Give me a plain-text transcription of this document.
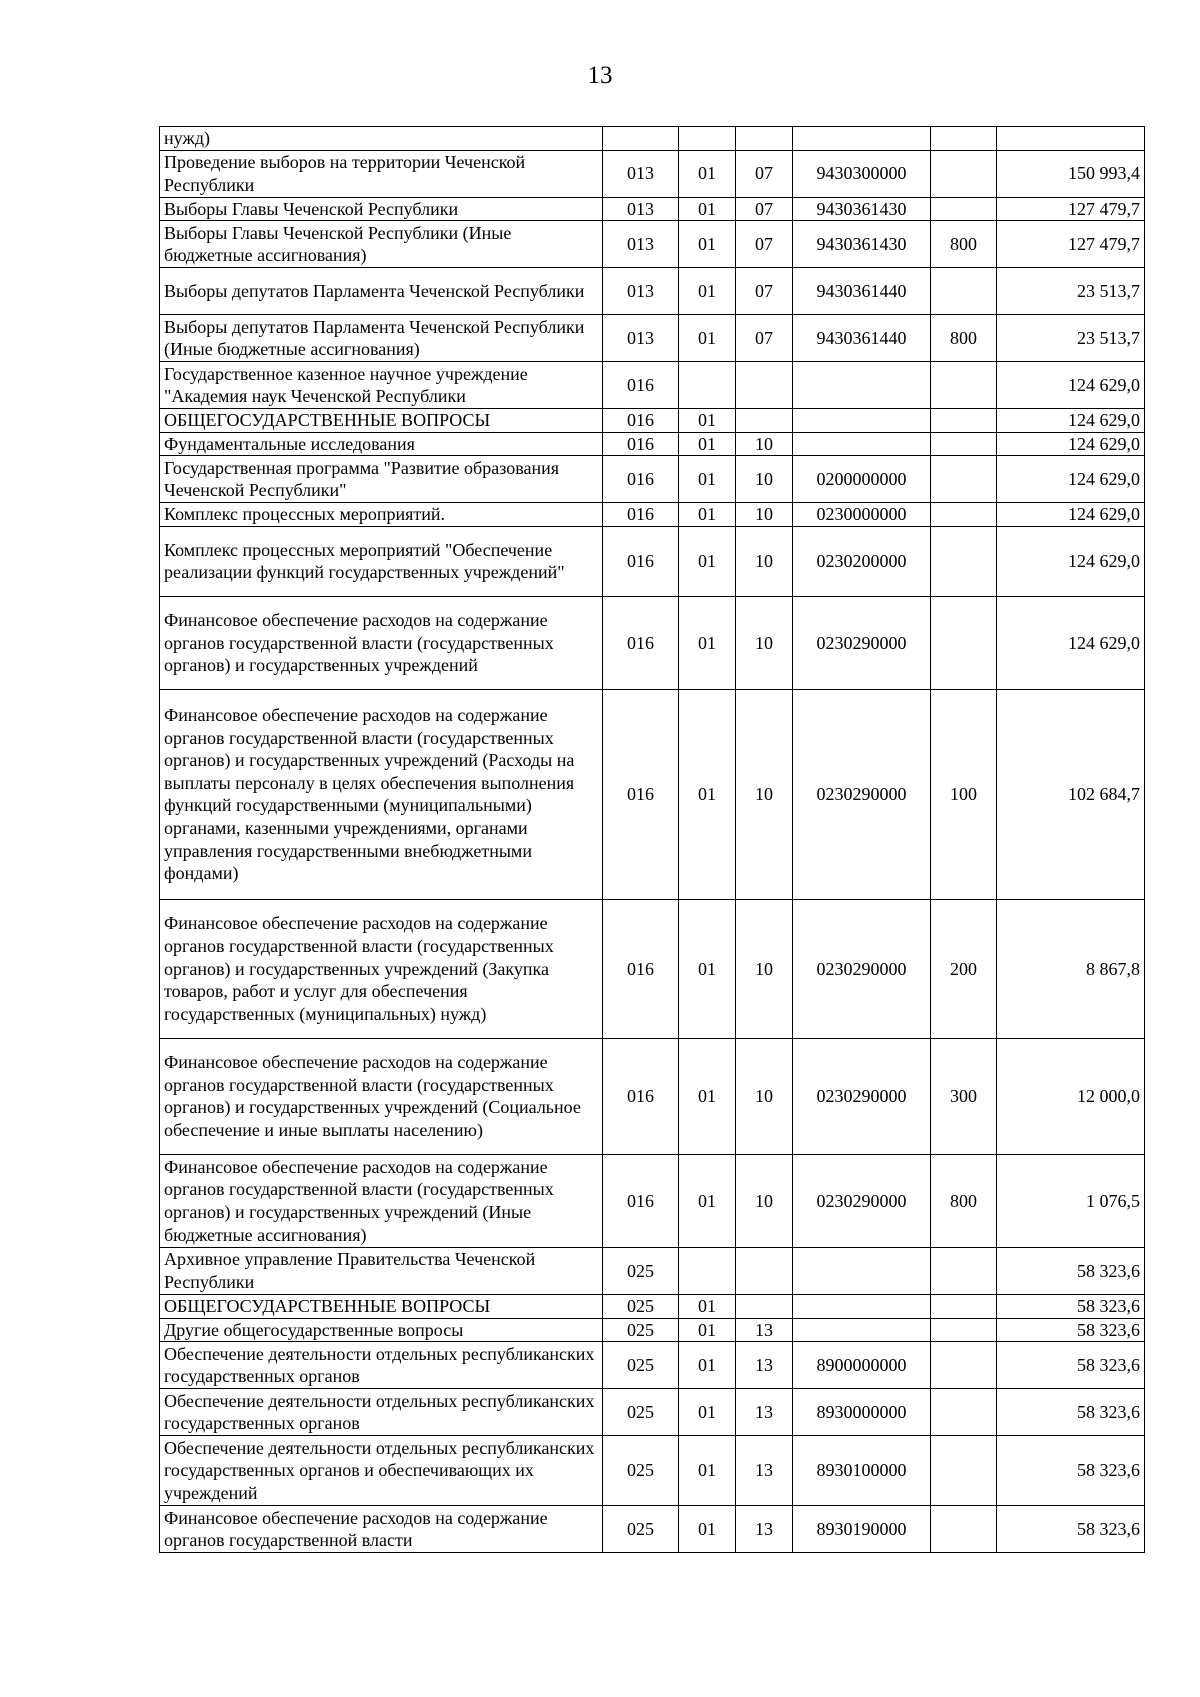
13
нужд)						
Проведение выборов на территории Чеченской Республики	013	01	07	9430300000		150 993,4
Выборы Главы Чеченской Республики	013	01	07	9430361430		127 479,7
Выборы Главы Чеченской Республики (Иные бюджетные ассигнования)	013	01	07	9430361430	800	127 479,7
Выборы депутатов Парламента Чеченской Республики	013	01	07	9430361440		23 513,7
Выборы депутатов Парламента Чеченской Республики (Иные бюджетные ассигнования)	013	01	07	9430361440	800	23 513,7
Государственное казенное научное учреждение "Академия наук Чеченской Республики	016					124 629,0
ОБЩЕГОСУДАРСТВЕННЫЕ ВОПРОСЫ	016	01				124 629,0
Фундаментальные исследования	016	01	10			124 629,0
Государственная программа "Развитие образования Чеченской Республики"	016	01	10	0200000000		124 629,0
Комплекс процессных мероприятий.	016	01	10	0230000000		124 629,0
Комплекс процессных мероприятий "Обеспечение реализации функций государственных учреждений"	016	01	10	0230200000		124 629,0
Финансовое обеспечение расходов на содержание органов государственной власти (государственных органов) и государственных учреждений	016	01	10	0230290000		124 629,0
Финансовое обеспечение расходов на содержание органов государственной власти (государственных органов) и государственных учреждений (Расходы на выплаты персоналу в целях обеспечения выполнения функций государственными (муниципальными) органами, казенными учреждениями, органами управления государственными внебюджетными фондами)	016	01	10	0230290000	100	102 684,7
Финансовое обеспечение расходов на содержание органов государственной власти (государственных органов) и государственных учреждений (Закупка товаров, работ и услуг для обеспечения государственных (муниципальных) нужд)	016	01	10	0230290000	200	8 867,8
Финансовое обеспечение расходов на содержание органов государственной власти (государственных органов) и государственных учреждений (Социальное обеспечение и иные выплаты населению)	016	01	10	0230290000	300	12 000,0
Финансовое обеспечение расходов на содержание органов государственной власти (государственных органов) и государственных учреждений (Иные бюджетные ассигнования)	016	01	10	0230290000	800	1 076,5
Архивное управление Правительства Чеченской Республики	025					58 323,6
ОБЩЕГОСУДАРСТВЕННЫЕ ВОПРОСЫ	025	01				58 323,6
Другие общегосударственные вопросы	025	01	13			58 323,6
Обеспечение деятельности отдельных республиканских государственных органов	025	01	13	8900000000		58 323,6
Обеспечение деятельности отдельных республиканских государственных органов	025	01	13	8930000000		58 323,6
Обеспечение деятельности отдельных республиканских государственных органов и обеспечивающих их учреждений	025	01	13	8930100000		58 323,6
Финансовое обеспечение расходов на содержание органов государственной власти	025	01	13	8930190000		58 323,6
